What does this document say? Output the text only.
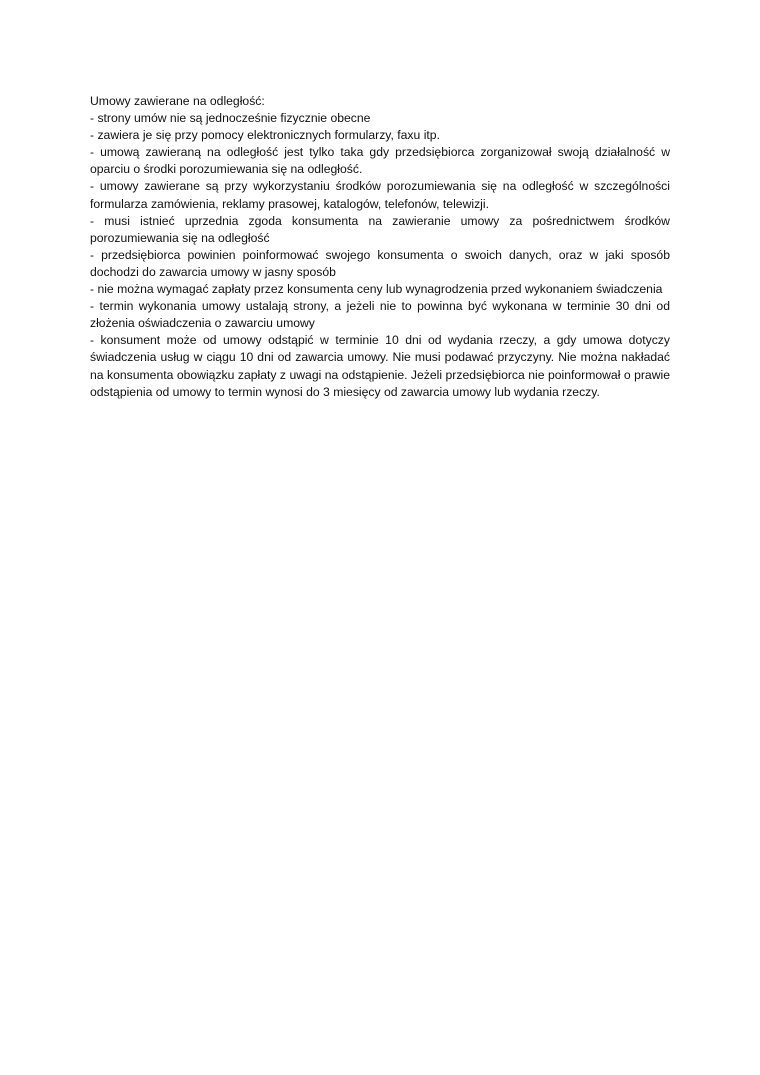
Umowy zawierane na odległość:

- strony umów nie są jednocześnie fizycznie obecne

- zawiera je się przy pomocy elektronicznych formularzy, faxu itp.

- umową zawieraną na odległość jest tylko taka gdy przedsiębiorca zorganizował swoją działalność w oparciu o środki porozumiewania się na odległość.

- umowy zawierane są przy wykorzystaniu środków porozumiewania się na odległość w szczególności formularza zamówienia, reklamy prasowej, katalogów, telefonów, telewizji.

- musi istnieć uprzednia zgoda konsumenta na zawieranie umowy za pośrednictwem środków porozumiewania się na odległość

- przedsiębiorca powinien poinformować swojego konsumenta o swoich danych, oraz w jaki sposób dochodzi do zawarcia umowy w jasny sposób

- nie można wymagać zapłaty przez konsumenta ceny lub wynagrodzenia przed wykonaniem świadczenia

- termin wykonania umowy ustalają strony, a jeżeli nie to powinna być wykonana w terminie 30 dni od złożenia oświadczenia o zawarciu umowy

- konsument może od umowy odstąpić w terminie 10 dni od wydania rzeczy, a gdy umowa dotyczy świadczenia usług w ciągu 10 dni od zawarcia umowy. Nie musi podawać przyczyny. Nie można nakładać na konsumenta obowiązku zapłaty z uwagi na odstąpienie. Jeżeli przedsiębiorca nie poinformował o prawie odstąpienia od umowy to termin wynosi do 3 miesięcy od zawarcia umowy lub wydania rzeczy.
